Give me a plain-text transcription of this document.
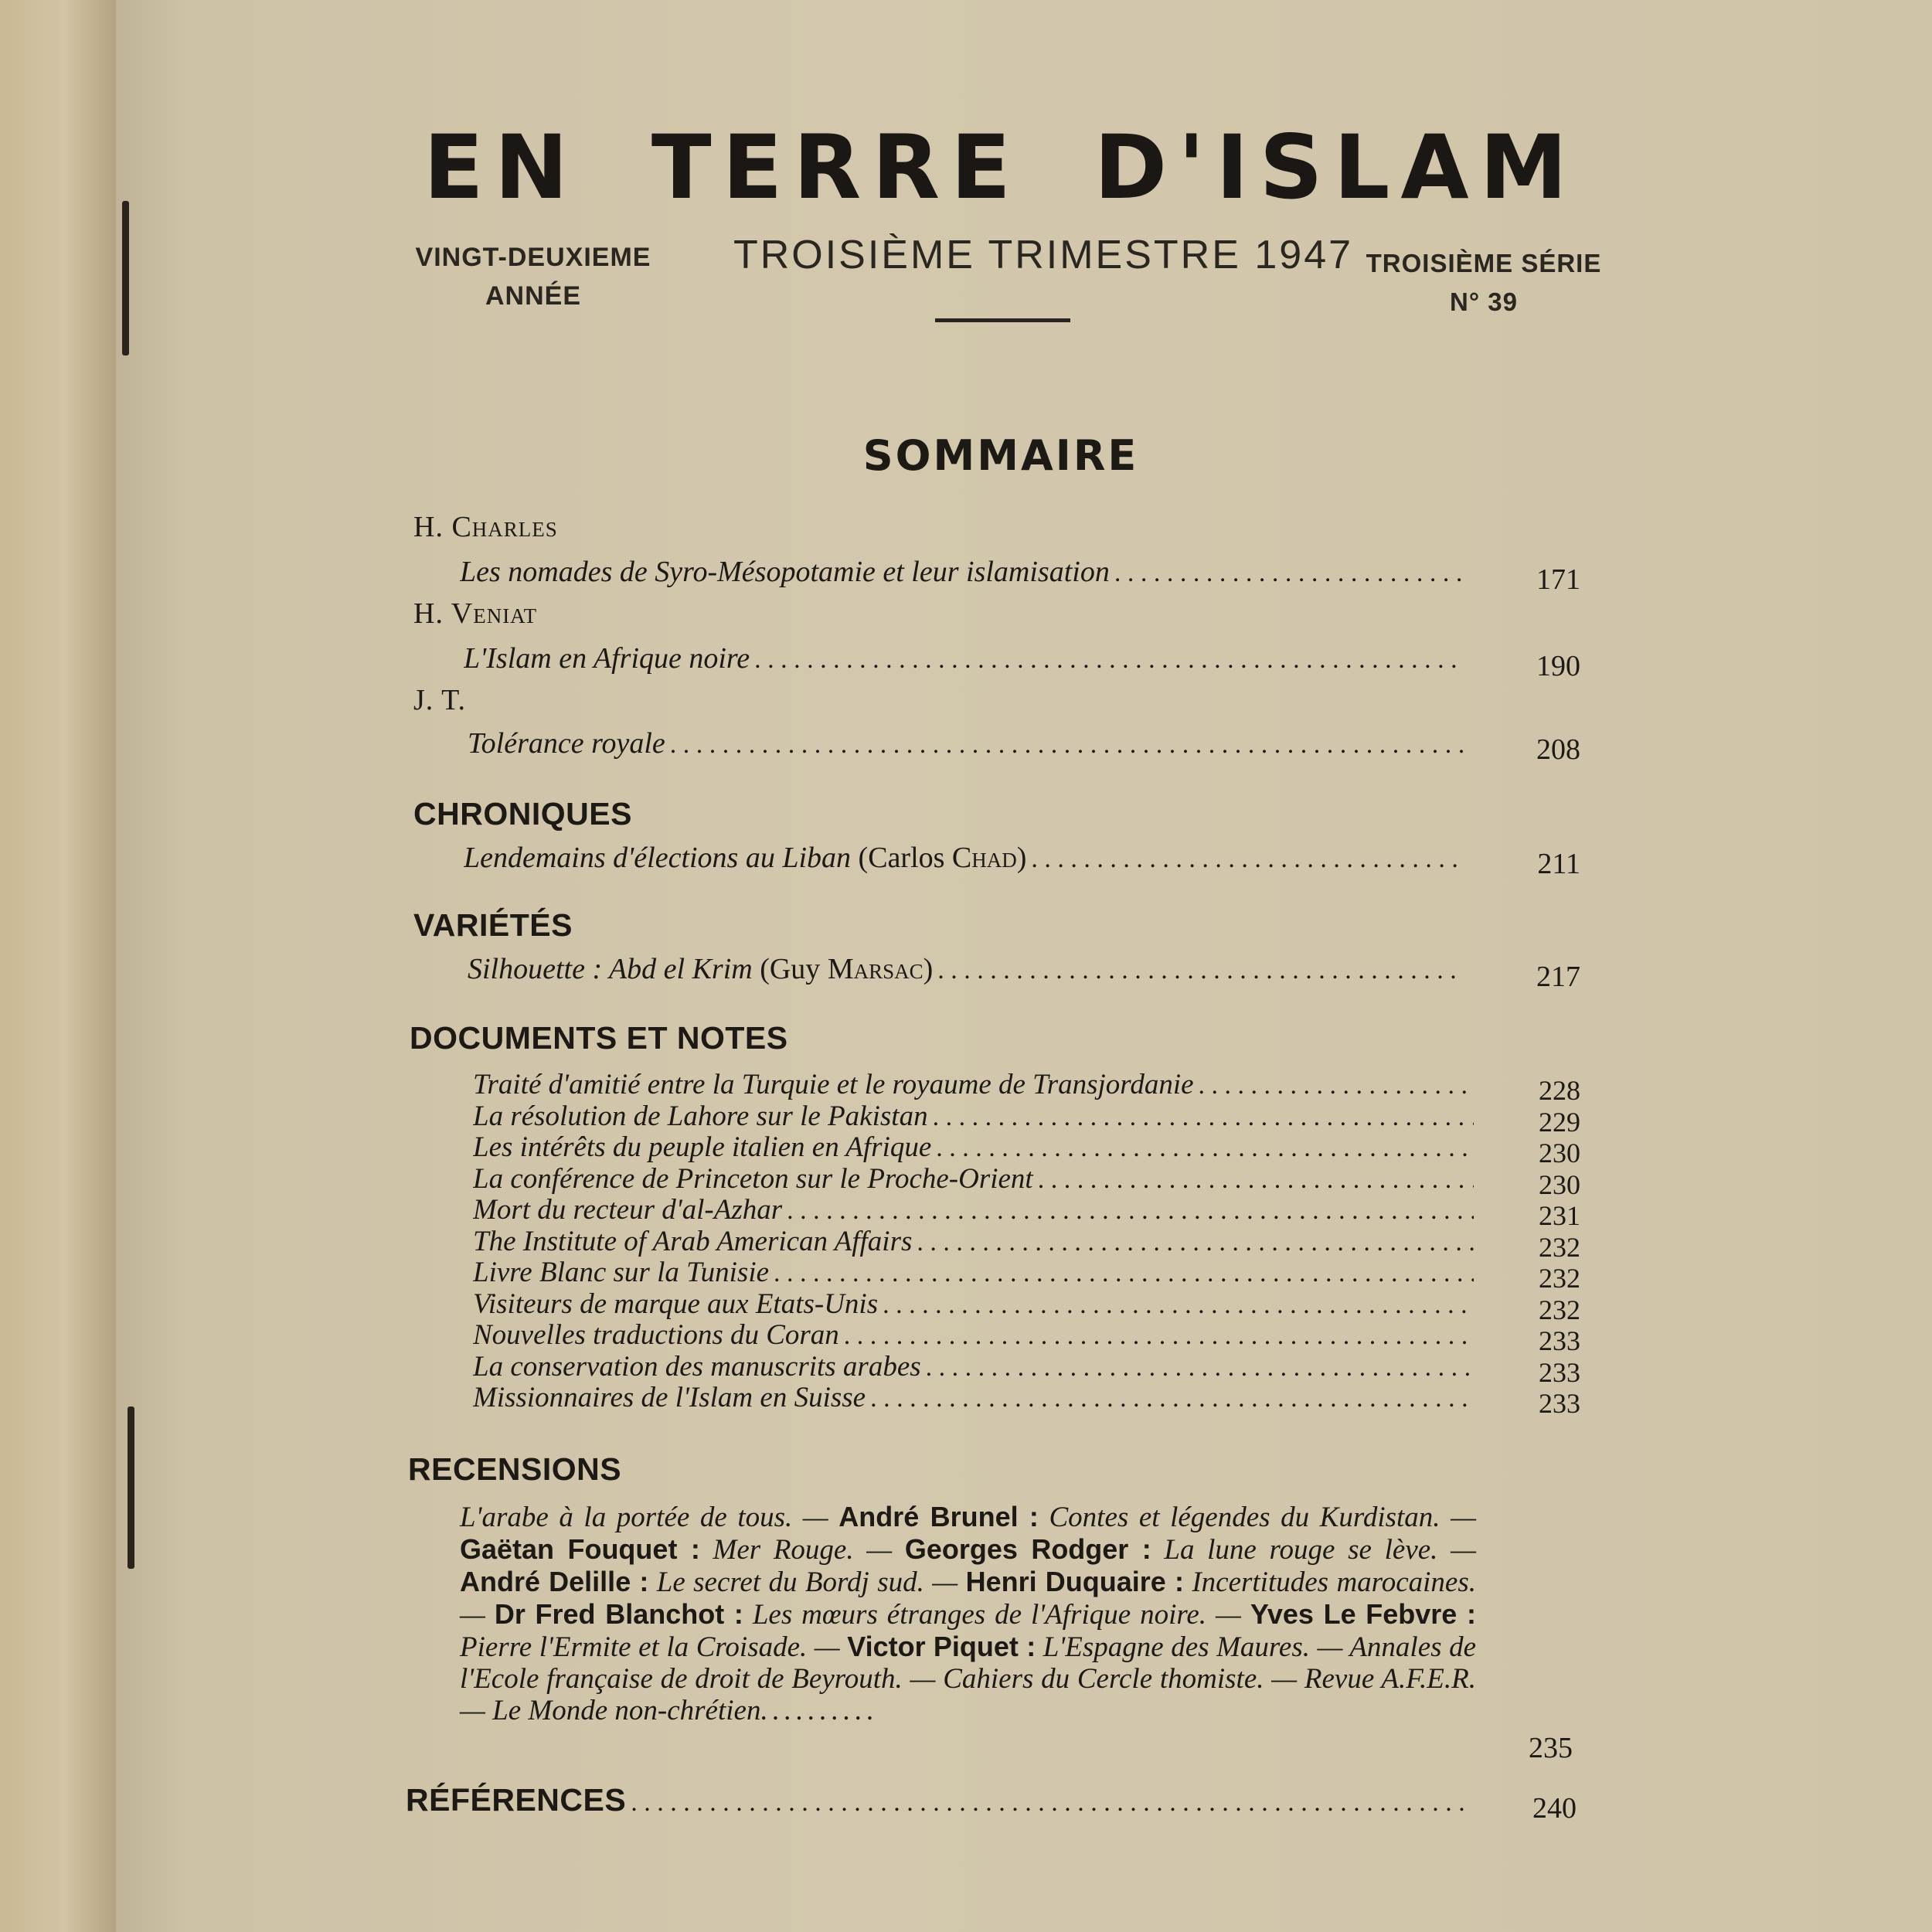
EN TERRE D'ISLAM
VINGT-DEUXIEME
ANNÉE
TROISIÈME TRIMESTRE 1947 TROISIÈME SÉRIE
N° 39
SOMMAIRE
H. Charles
Les nomades de Syro-Mésopotamie et leur islamisation . . .	171
H. Veniat
L'Islam en Afrique noire . . .	190
J. T.
Tolérance royale . . .	208
CHRONIQUES
Lendemains d'élections au Liban (Carlos Chad) . . .	211
VARIÉTÉS
Silhouette : Abd el Krim (Guy Marsac) . . .	217
DOCUMENTS ET NOTES
Traité d'amitié entre la Turquie et le royaume de Transjordanie . . .	228
La résolution de Lahore sur le Pakistan . . .	229
Les intérêts du peuple italien en Afrique . . .	230
La conférence de Princeton sur le Proche-Orient . . .	230
Mort du recteur d'al-Azhar . . .	231
The Institute of Arab American Affairs . . .	232
Livre Blanc sur la Tunisie . . .	232
Visiteurs de marque aux Etats-Unis . . .	232
Nouvelles traductions du Coran . . .	233
La conservation des manuscrits arabes . . .	233
Missionnaires de l'Islam en Suisse . . .	233
RECENSIONS
L'arabe à la portée de tous. — André Brunel : Contes et légendes du Kurdistan. — Gaëtan Fouquet : Mer Rouge. — Georges Rodger : La lune rouge se lève. — André Delille : Le secret du Bordj sud. — Henri Duquaire : Incertitudes marocaines. — Dr Fred Blanchot : Les mœurs étranges de l'Afrique noire. — Yves Le Febvre : Pierre l'Ermite et la Croisade. — Victor Piquet : L'Espagne des Maures. — Annales de l'Ecole française de droit de Beyrouth. — Cahiers du Cercle thomiste. — Revue A.F.E.R. — Le Monde non-chrétien..........
235
RÉFÉRENCES . . .	240
